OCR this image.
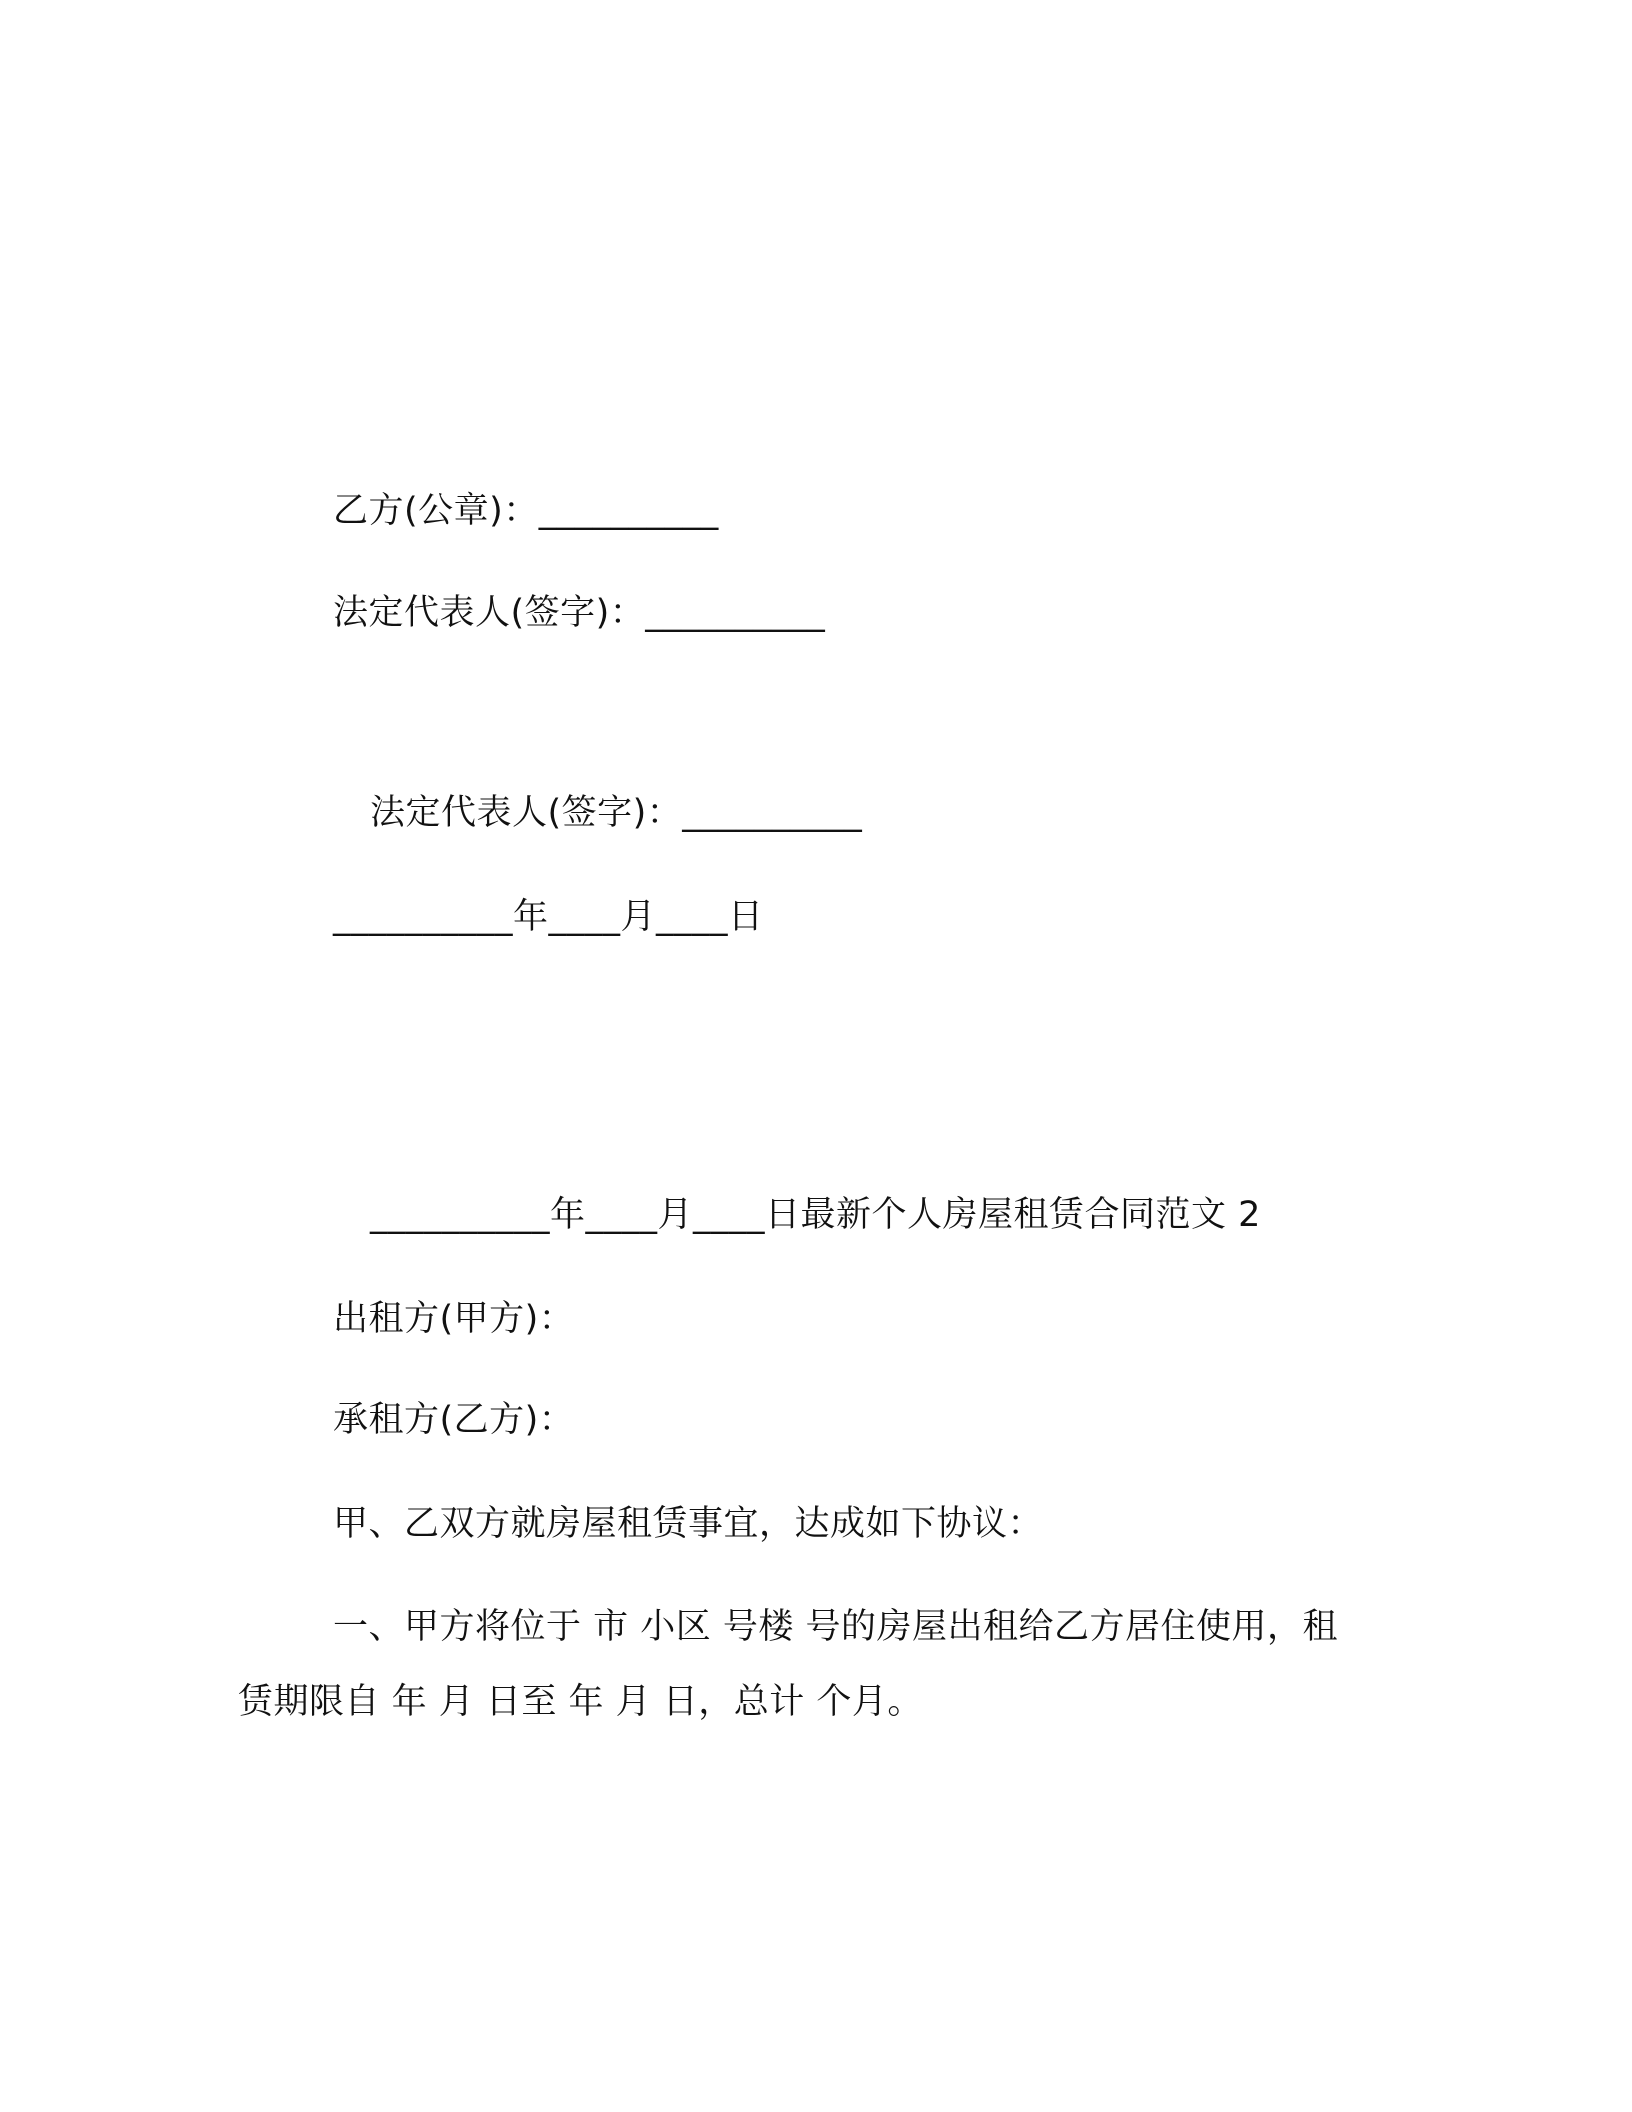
乙方(公章)：__________
法定代表人(签字)：__________
法定代表人(签字)：__________
__________年____月____日
__________年____月____日最新个人房屋租赁合同范文 2
出租方(甲方)：
承租方(乙方)：
甲、乙双方就房屋租赁事宜，达成如下协议：
一、甲方将位于 市 小区 号楼 号的房屋出租给乙方居住使用，租
赁期限自 年 月 日至 年 月 日，总计 个月。
